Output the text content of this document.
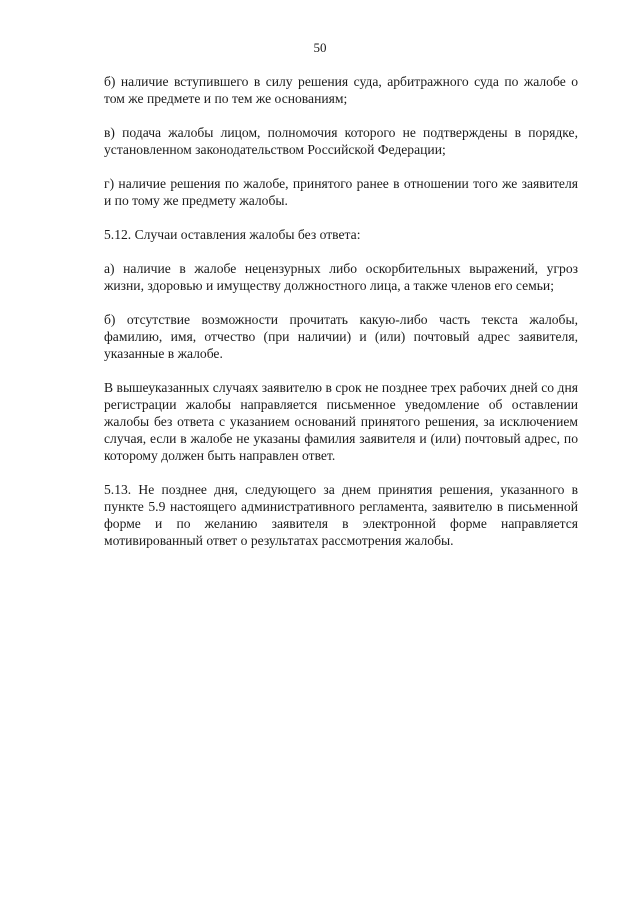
50

б) наличие вступившего в силу решения суда, арбитражного суда по жалобе о том же предмете и по тем же основаниям;

в) подача жалобы лицом, полномочия которого не подтверждены в порядке, установленном законодательством Российской Федерации;

г) наличие решения по жалобе, принятого ранее в отношении того же заявителя и по тому же предмету жалобы.

5.12. Случаи оставления жалобы без ответа:

а) наличие в жалобе нецензурных либо оскорбительных выражений, угроз жизни, здоровью и имуществу должностного лица, а также членов его семьи;

б) отсутствие возможности прочитать какую-либо часть текста жалобы, фамилию, имя, отчество (при наличии) и (или) почтовый адрес заявителя, указанные в жалобе.

В вышеуказанных случаях заявителю в срок не позднее трех рабочих дней со дня регистрации жалобы направляется письменное уведомление об оставлении жалобы без ответа с указанием оснований принятого решения, за исключением случая, если в жалобе не указаны фамилия заявителя и (или) почтовый адрес, по которому должен быть направлен ответ.

5.13. Не позднее дня, следующего за днем принятия решения, указанного в пункте 5.9 настоящего административного регламента, заявителю в письменной форме и по желанию заявителя в электронной форме направляется мотивированный ответ о результатах рассмотрения жалобы.
